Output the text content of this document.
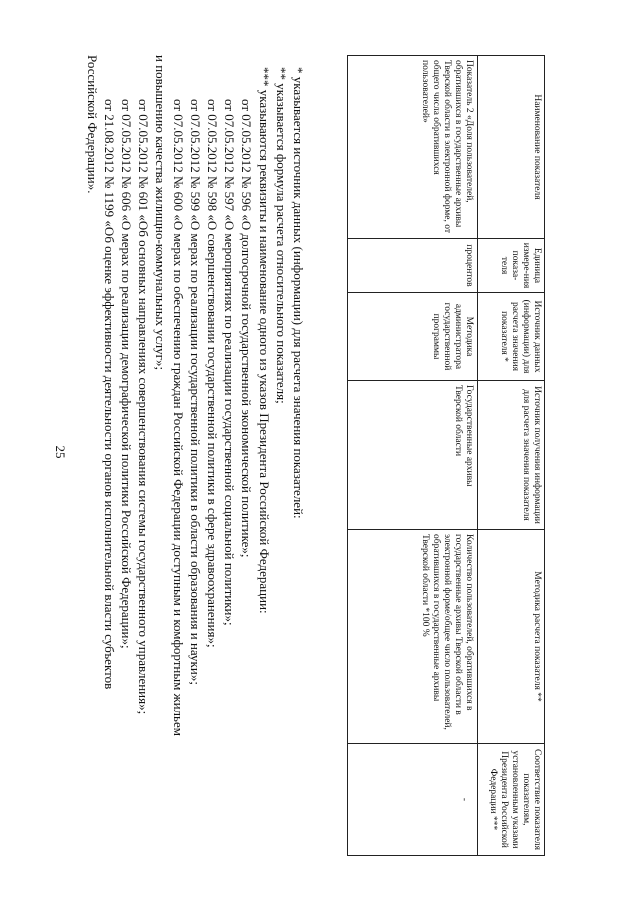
25
Наименование показателя	Единица измере-ния показа-теля	Источник данных (информации) для расчета значения показателя *	Источник получения информации для расчета значения показателя	Методика расчета показателя **	Соответствие показателя показателям, установленным указами Президента Российской Федерации ***
Показатель 2 «Доля пользователей, обратившихся в государственные архивы Тверской области в электронной форме, от общего числа обратившихся пользователей»	процентов	Методика администратора государственной программы	Государственные архивы Тверской области	Количество пользователей, обратившихся в государственные архивы Тверской области в электронной форме/общее число пользователей, обратившихся в государственные архивы Тверской области *100 %	-

* указывается источник данных (информации) для расчета значения показателей:

** указывается формула расчета относительного показателя;

*** указываются реквизиты и наименование одного из указов Президента Российской Федерации:

от 07.05.2012 № 596 «О долгосрочной государственной экономической политике»;

от 07.05.2012 № 597 «О мероприятиях по реализации государственной социальной политики»;

от 07.05.2012 № 598 «О совершенствовании государственной политики в сфере здравоохранения»;

от 07.05.2012 № 599 «О мерах по реализации государственной политики в области образования и науки»;

от 07.05.2012 № 600 «О мерах по обеспечению граждан Российской Федерации доступным и комфортным жильем

и повышению качества жилищно-коммунальных услуг»;

от 07.05.2012 № 601 «Об основных направлениях совершенствования системы государственного управления»;

от 07.05.2012 № 606 «О мерах по реализации демографической политики Российской Федерации»;

от 21.08.2012 № 1199 «Об оценке эффективности деятельности органов исполнительной власти субъектов

Российской Федерации».
